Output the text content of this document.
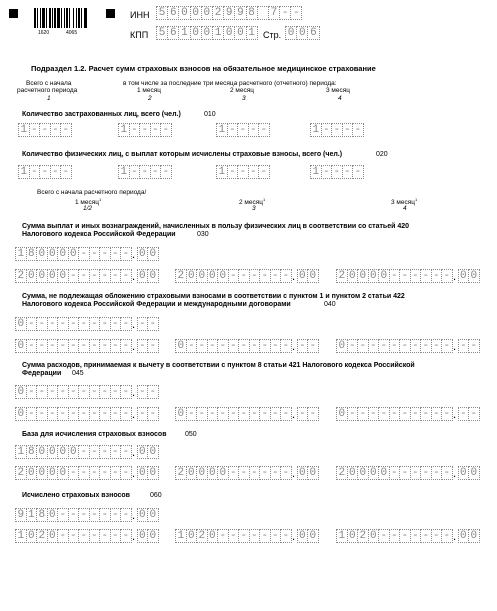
1620	4065
ИНН 5 6 0 0 0 2 9 9 8 7 - -
КПП 5 6 1 0 0 1 0 0 1 Стр. 0 0 6
Подраздел 1.2. Расчет сумм страховых взносов на обязательное медицинское страхование
Всего с начала
расчетного периода
1
в том числе за последние три месяца расчетного (отчетного) периода:
1 месяц
2
2 месяц
3
3 месяц
4
Количество застрахованных лиц, всего (чел.)	010
1 - - - -	1 - - - -	1 - - - -	1 - - - -
Количество физических лиц, с выплат которым исчислены страховые взносы, всего (чел.)	020
1 - - - -	1 - - - -	1 - - - -	1 - - - -
Всего с начала расчетного периода/
1 месяц$^1$
1/2
2 месяц$^1$
3
3 месяц$^1$
4
Сумма выплат и иных вознаграждений, начисленных в пользу физических лиц в соответствии со статьей 420
Налогового кодекса Российской Федерации	030
1 8 0 0 0 0 - - - - - . 0 0
2 0 0 0 0 - - - - - - . 0 0 2 0 0 0 0 - - - - - - . 0 0 2 0 0 0 0 - - - - - - . 0 0
Сумма, не подлежащая обложению страховыми взносами в соответствии с пунктом 1 и пунктом 2 статьи 422
Налогового кодекса Российской Федерации и международными договорами	040
0 - - - - - - - - - - . - -
0 - - - - - - - - - - . - - 0 - - - - - - - - - - . - - 0 - - - - - - - - - - . - -
Сумма расходов, принимаемая к вычету в соответствии с пунктом 8 статьи 421 Налогового кодекса Российской
Федерации 045
0 - - - - - - - - - - . - -
0 - - - - - - - - - - . - - 0 - - - - - - - - - - . - - 0 - - - - - - - - - - . - -
База для исчисления страховых взносов	050
1 8 0 0 0 0 - - - - - . 0 0
2 0 0 0 0 - - - - - - . 0 0 2 0 0 0 0 - - - - - - . 0 0 2 0 0 0 0 - - - - - - . 0 0
Исчислено страховых взносов	060
9 1 8 0 - - - - - - - . 0 0
1 0 2 0 - - - - - - - . 0 0 1 0 2 0 - - - - - - - . 0 0 1 0 2 0 - - - - - - - . 0 0
